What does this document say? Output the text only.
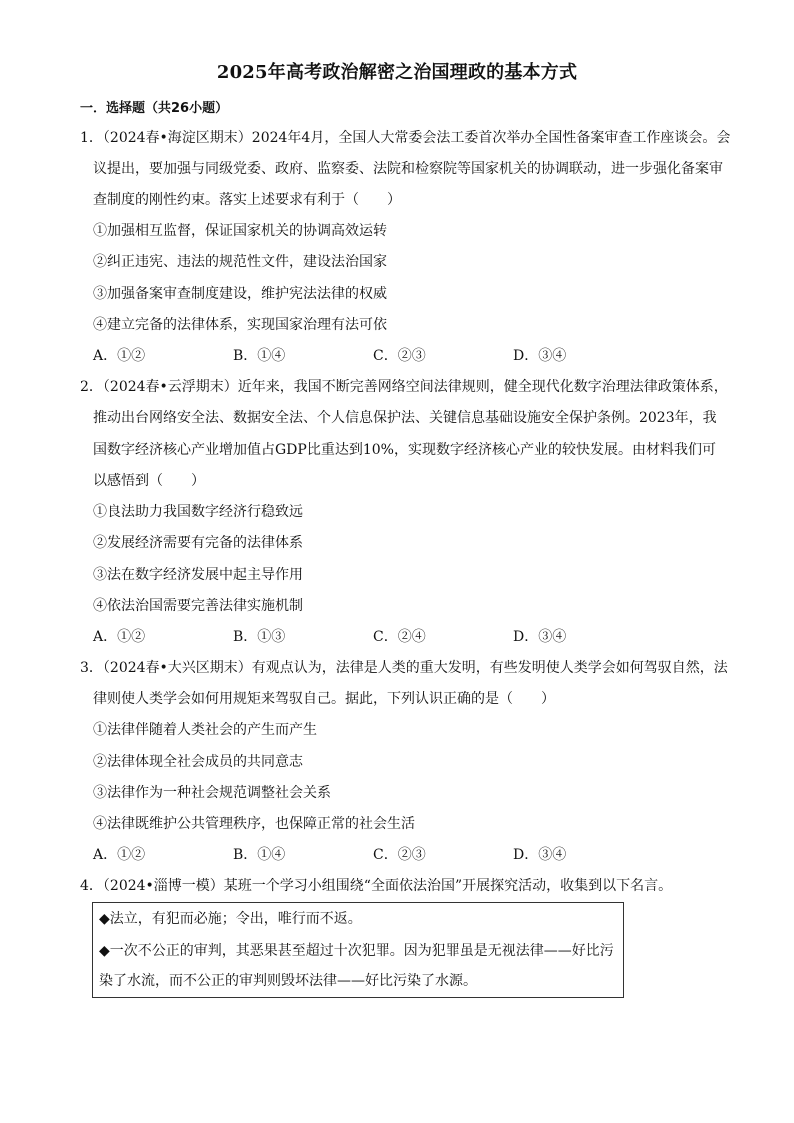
2025年高考政治解密之治国理政的基本方式
一．选择题（共26小题）
1．（2024春•海淀区期末）2024年4月，全国人大常委会法工委首次举办全国性备案审查工作座谈会。会
议提出，要加强与同级党委、政府、监察委、法院和检察院等国家机关的协调联动，进一步强化备案审
查制度的刚性约束。落实上述要求有利于（　　）
①加强相互监督，保证国家机关的协调高效运转
②纠正违宪、违法的规范性文件，建设法治国家
③加强备案审查制度建设，维护宪法法律的权威
④建立完备的法律体系，实现国家治理有法可依
A．①②	B．①④	C．②③	D．③④
2．（2024春•云浮期末）近年来，我国不断完善网络空间法律规则，健全现代化数字治理法律政策体系，
推动出台网络安全法、数据安全法、个人信息保护法、关键信息基础设施安全保护条例。2023年，我
国数字经济核心产业增加值占GDP比重达到10%，实现数字经济核心产业的较快发展。由材料我们可
以感悟到（　　）
①良法助力我国数字经济行稳致远
②发展经济需要有完备的法律体系
③法在数字经济发展中起主导作用
④依法治国需要完善法律实施机制
A．①②	B．①③	C．②④	D．③④
3．（2024春•大兴区期末）有观点认为，法律是人类的重大发明，有些发明使人类学会如何驾驭自然，法
律则使人类学会如何用规矩来驾驭自己。据此，下列认识正确的是（　　）
①法律伴随着人类社会的产生而产生
②法律体现全社会成员的共同意志
③法律作为一种社会规范调整社会关系
④法律既维护公共管理秩序，也保障正常的社会生活
A．①②	B．①④	C．②③	D．③④
4．（2024•淄博一模）某班一个学习小组围绕“全面依法治国”开展探究活动，收集到以下名言。
◆法立，有犯而必施；令出，唯行而不返。
◆一次不公正的审判，其恶果甚至超过十次犯罪。因为犯罪虽是无视法律——好比污
染了水流，而不公正的审判则毁坏法律——好比污染了水源。
